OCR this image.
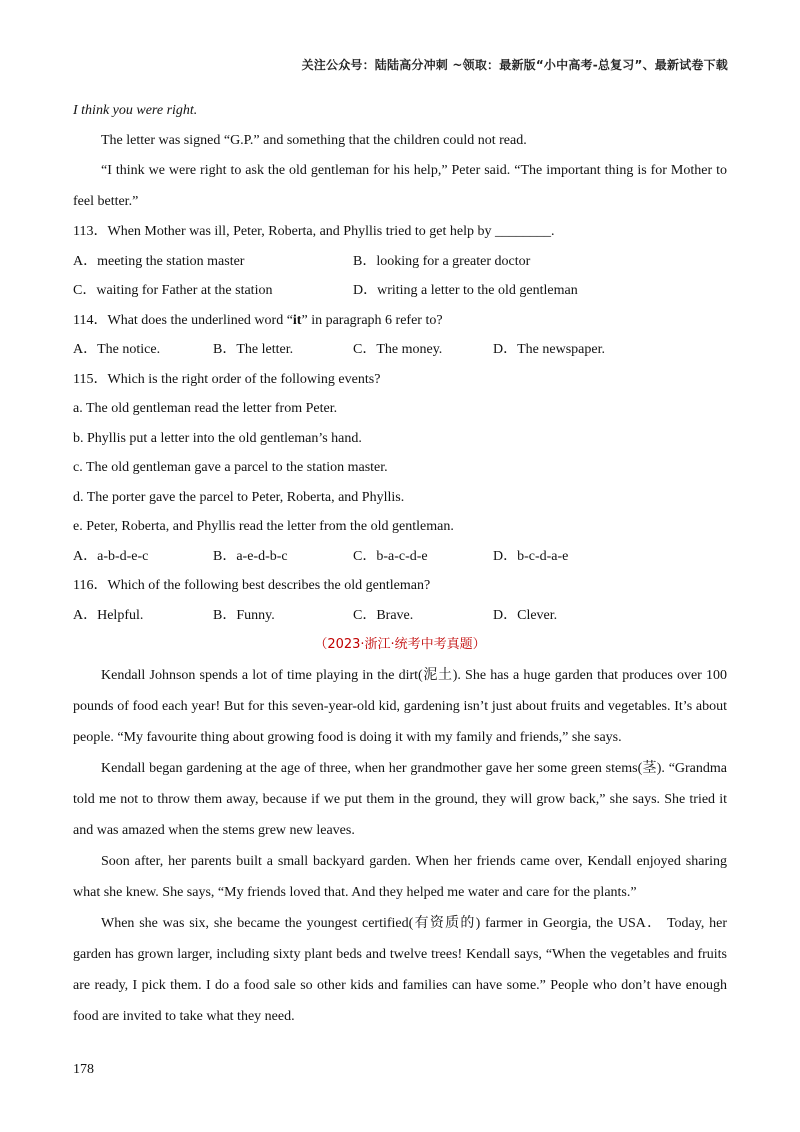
关注公众号：陆陆高分冲刺 ~领取：最新版“小中高考-总复习”、最新试卷下载
I think you were right.
The letter was signed “G.P.” and something that the children could not read.
“I think we were right to ask the old gentleman for his help,” Peter said. “The important thing is for Mother to feel better.”
113．When Mother was ill, Peter, Roberta, and Phyllis tried to get help by ________.
A．meeting the station master	B．looking for a greater doctor
C．waiting for Father at the station	D．writing a letter to the old gentleman
114．What does the underlined word “it” in paragraph 6 refer to?
A．The notice.	B．The letter.	C．The money.	D．The newspaper.
115．Which is the right order of the following events?
a. The old gentleman read the letter from Peter.
b. Phyllis put a letter into the old gentleman’s hand.
c. The old gentleman gave a parcel to the station master.
d. The porter gave the parcel to Peter, Roberta, and Phyllis.
e. Peter, Roberta, and Phyllis read the letter from the old gentleman.
A．a-b-d-e-c	B．a-e-d-b-c	C．b-a-c-d-e	D．b-c-d-a-e
116．Which of the following best describes the old gentleman?
A．Helpful.	B．Funny.	C．Brave.	D．Clever.
（2023·浙江·统考中考真题）
Kendall Johnson spends a lot of time playing in the dirt(泥土). She has a huge garden that produces over 100 pounds of food each year! But for this seven-year-old kid, gardening isn’t just about fruits and vegetables. It’s about people. “My favourite thing about growing food is doing it with my family and friends,” she says.
Kendall began gardening at the age of three, when her grandmother gave her some green stems(茎). “Grandma told me not to throw them away, because if we put them in the ground, they will grow back,” she says. She tried it and was amazed when the stems grew new leaves.
Soon after, her parents built a small backyard garden. When her friends came over, Kendall enjoyed sharing what she knew. She says, “My friends loved that. And they helped me water and care for the plants.”
When she was six, she became the youngest certified(有资质的) farmer in Georgia, the USA． Today, her garden has grown larger, including sixty plant beds and twelve trees! Kendall says, “When the vegetables and fruits are ready, I pick them. I do a food sale so other kids and families can have some.” People who don’t have enough food are invited to take what they need.
178
